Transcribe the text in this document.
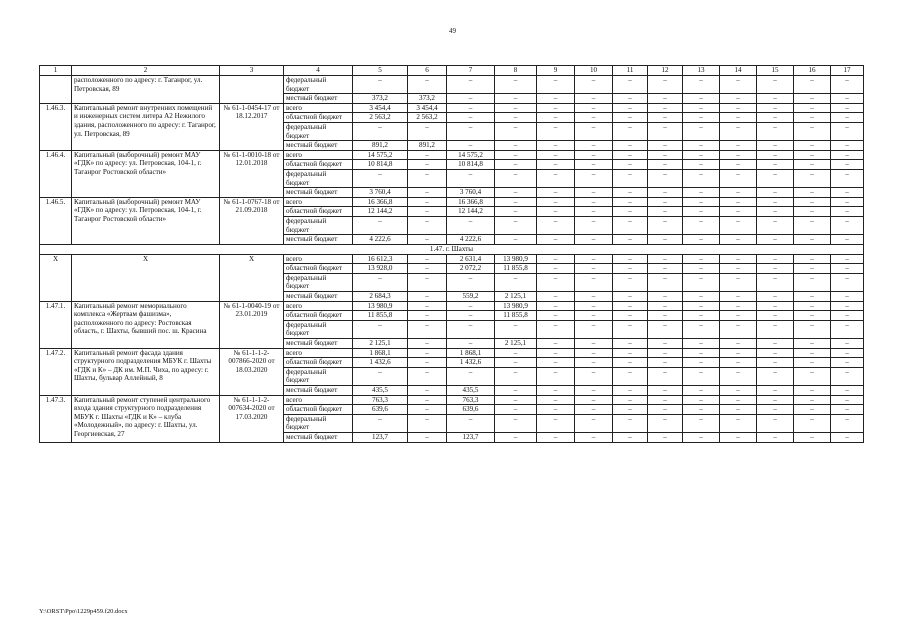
49
1	2	3	4	5	6	7	8	9	10	11	12	13	14	15	16	17
	расположенного по адресу: г. Таганрог, ул. Петровская, 89		федеральный бюджет	–	–	–	–	–	–	–	–	–	–	–	–	–
			местный бюджет	373,2	373,2	–	–	–	–	–	–	–	–	–	–	–
1.46.3.	Капитальный ремонт внутренних помещений и инженерных систем литера А2 Нежилого здания, расположенного по адресу: г. Таганрог, ул. Петровская, 89	№ 61-1-0454-17 от 18.12.2017	всего	3 454,4	3 454,4	–	–	–	–	–	–	–	–	–	–	–
			областной бюджет	2 563,2	2 563,2	–	–	–	–	–	–	–	–	–	–	–
			федеральный бюджет	–	–	–	–	–	–	–	–	–	–	–	–	–
			местный бюджет	891,2	891,2	–	–	–	–	–	–	–	–	–	–	–
1.46.4.	Капитальный (выборочный) ремонт МАУ «ГДК» по адресу: ул. Петровская, 104-1, г. Таганрог Ростовской области»	№ 61-1-0010-18 от 12.01.2018	всего	14 575,2	–	14 575,2	–	–	–	–	–	–	–	–	–	–
			областной бюджет	10 814,8	–	10 814,8	–	–	–	–	–	–	–	–	–	–
			федеральный бюджет	–	–	–	–	–	–	–	–	–	–	–	–	–
			местный бюджет	3 760,4	–	3 760,4	–	–	–	–	–	–	–	–	–	–
1.46.5.	Капитальный (выборочный) ремонт МАУ «ГДК» по адресу: ул. Петровская, 104-1, г. Таганрог Ростовской области»	№ 61-1-0767-18 от 21.09.2018	всего	16 366,8	–	16 366,8	–	–	–	–	–	–	–	–	–	–
			областной бюджет	12 144,2	–	12 144,2	–	–	–	–	–	–	–	–	–	–
			федеральный бюджет	–	–	–	–	–	–	–	–	–	–	–	–	–
			местный бюджет	4 222,6	–	4 222,6	–	–	–	–	–	–	–	–	–	–
1.47. г. Шахты																
Х	Х	Х	всего	16 612,3	–	2 631,4	13 980,9	–	–	–	–	–	–	–	–	–
			областной бюджет	13 928,0	–	2 072,2	11 855,8	–	–	–	–	–	–	–	–	–
			федеральный бюджет	–	–	–	–	–	–	–	–	–	–	–	–	–
			местный бюджет	2 684,3	–	559,2	2 125,1	–	–	–	–	–	–	–	–	–
1.47.1.	Капитальный ремонт мемориального комплекса «Жертвам фашизма», расположенного по адресу: Ростовская область, г. Шахты, бывший пос. ш. Красина	№ 61-1-0040-19 от 23.01.2019	всего	13 980,9	–	–	13 980,9	–	–	–	–	–	–	–	–	–
			областной бюджет	11 855,8	–	–	11 855,8	–	–	–	–	–	–	–	–	–
			федеральный бюджет	–	–	–	–	–	–	–	–	–	–	–	–	–
			местный бюджет	2 125,1	–	–	2 125,1	–	–	–	–	–	–	–	–	–
1.47.2.	Капитальный ремонт фасада здания структурного подразделения МБУК г. Шахты «ГДК и К» – ДК им. М.П. Чиха, по адресу: г. Шахты, бульвар Аллейный, 8	№ 61-1-1-2-007866-2020 от 18.03.2020	всего	1 868,1	–	1 868,1	–	–	–	–	–	–	–	–	–	–
			областной бюджет	1 432,6	–	1 432,6	–	–	–	–	–	–	–	–	–	–
			федеральный бюджет	–	–	–	–	–	–	–	–	–	–	–	–	–
			местный бюджет	435,5	–	435,5	–	–	–	–	–	–	–	–	–	–
1.47.3.	Капитальный ремонт ступеней центрального входа здания структурного подразделения МБУК г. Шахты «ГДК и К» – клуба «Молодежный», по адресу: г. Шахты, ул. Георгиевская, 27	№ 61-1-1-2-007634-2020 от 17.03.2020	всего	763,3	–	763,3	–	–	–	–	–	–	–	–	–	–
			областной бюджет	639,6	–	639,6	–	–	–	–	–	–	–	–	–	–
			федеральный бюджет	–	–	–	–	–	–	–	–	–	–	–	–	–
			местный бюджет	123,7	–	123,7	–	–	–	–	–	–	–	–	–	–
Y:\ORST\Ppo\1229p459.f20.docx
